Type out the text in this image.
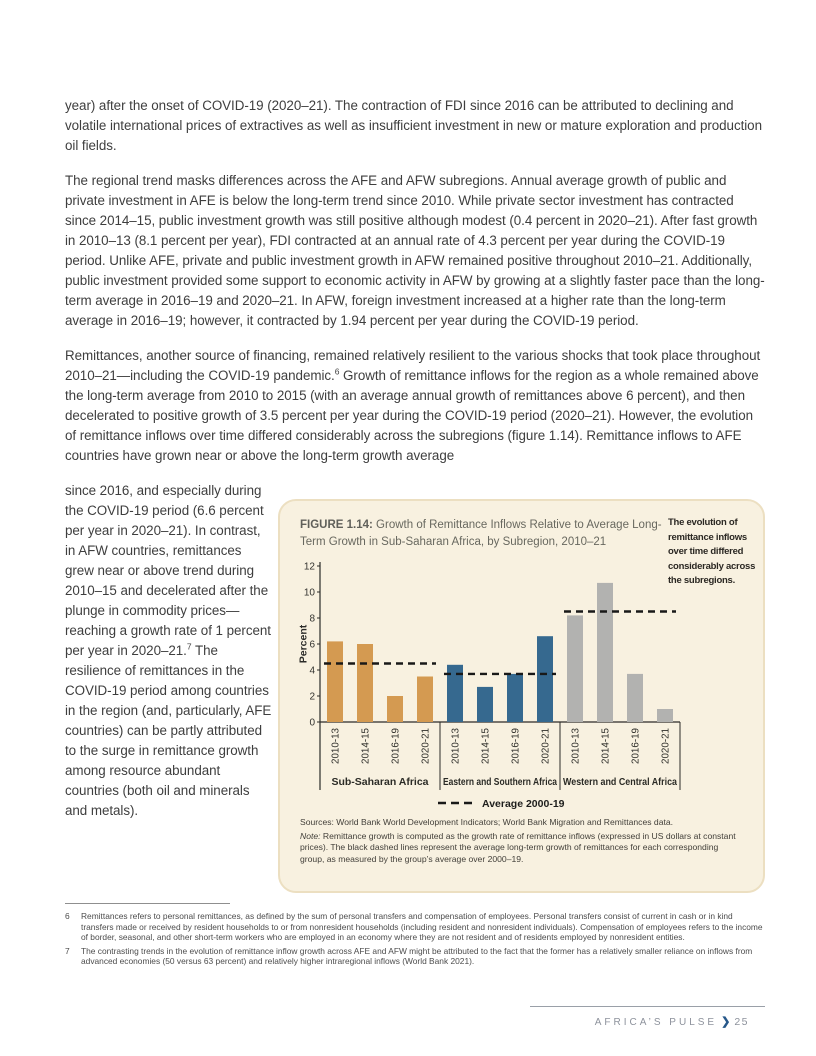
year) after the onset of COVID-19 (2020–21). The contraction of FDI since 2016 can be attributed to declining and volatile international prices of extractives as well as insufficient investment in new or mature exploration and production oil fields.

The regional trend masks differences across the AFE and AFW subregions. Annual average growth of public and private investment in AFE is below the long-term trend since 2010. While private sector investment has contracted since 2014–15, public investment growth was still positive although modest (0.4 percent in 2020–21). After fast growth in 2010–13 (8.1 percent per year), FDI contracted at an annual rate of 4.3 percent per year during the COVID-19 period. Unlike AFE, private and public investment growth in AFW remained positive throughout 2010–21. Additionally, public investment provided some support to economic activity in AFW by growing at a slightly faster pace than the long-term average in 2016–19 and 2020–21. In AFW, foreign investment increased at a higher rate than the long-term average in 2016–19; however, it contracted by 1.94 percent per year during the COVID-19 period.

Remittances, another source of financing, remained relatively resilient to the various shocks that took place throughout 2010–21—including the COVID-19 pandemic.$^6$ Growth of remittance inflows for the region as a whole remained above the long-term average from 2010 to 2015 (with an average annual growth of remittances above 6 percent), and then decelerated to positive growth of 3.5 percent per year during the COVID-19 period (2020–21). However, the evolution of remittance inflows over time differed considerably across the subregions (figure 1.14). Remittance inflows to AFE countries have grown near or above the long-term growth average

since 2016, and especially during the COVID-19 period (6.6 percent per year in 2020–21). In contrast, in AFW countries, remittances grew near or above trend during 2010–15 and decelerated after the plunge in commodity prices—reaching a growth rate of 1 percent per year in 2020–21.$^7$ The resilience of remittances in the COVID-19 period among countries in the region (and, particularly, AFE countries) can be partly attributed to the surge in remittance growth among resource abundant countries (both oil and minerals and metals).
FIGURE 1.14: Growth of Remittance Inflows Relative to Average Long-Term Growth in Sub-Saharan Africa, by Subregion, 2010–21
The evolution of remittance inflows over time differed considerably across the subregions.
0
2
4
6
8
10
12
Percent
2010-13 2014-15 2016-19 2020-21
Sub-Saharan Africa
2010-13 2014-15 2016-19 2020-21
Eastern and Southern Africa
2010-13 2014-15 2016-19 2020-21
Western and Central Africa
Average 2000-19
Sources: World Bank World Development Indicators; World Bank Migration and Remittances data.
Note: Remittance growth is computed as the growth rate of remittance inflows (expressed in US dollars at constant prices). The black dashed lines represent the average long-term growth of remittances for each corresponding group, as measured by the group’s average over 2000–19.
6	Remittances refers to personal remittances, as defined by the sum of personal transfers and compensation of employees. Personal transfers consist of current in cash or in kind transfers made or received by resident households to or from nonresident households (including resident and nonresident individuals). Compensation of employees refers to the income of border, seasonal, and other short-term workers who are employed in an economy where they are not resident and of residents employed by nonresident entities.
7	The contrasting trends in the evolution of remittance inflow growth across AFE and AFW might be attributed to the fact that the former has a relatively smaller reliance on inflows from advanced economies (50 versus 63 percent) and relatively higher intraregional inflows (World Bank 2021).
AFRICA’S PULSE ❯ 25
